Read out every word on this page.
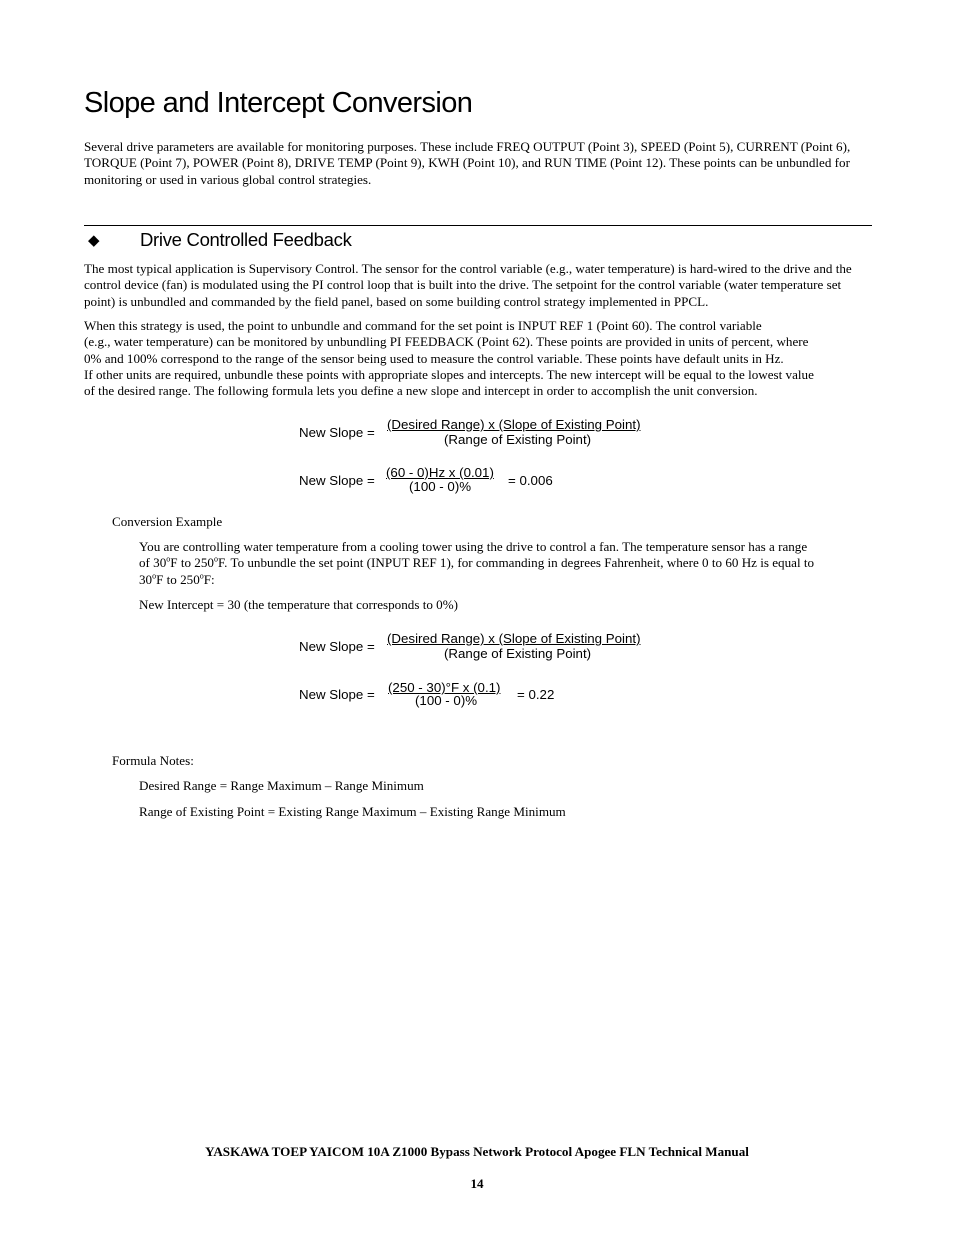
Slope and Intercept Conversion
Several drive parameters are available for monitoring purposes. These include FREQ OUTPUT (Point 3), SPEED (Point 5), CURRENT (Point 6), TORQUE (Point 7), POWER (Point 8), DRIVE TEMP (Point 9), KWH (Point 10), and RUN TIME (Point 12). These points can be unbundled for monitoring or used in various global control strategies.
◆ Drive Controlled Feedback
The most typical application is Supervisory Control. The sensor for the control variable (e.g., water temperature) is hard-wired to the drive and the control device (fan) is modulated using the PI control loop that is built into the drive. The setpoint for the control variable (water temperature set point) is unbundled and commanded by the field panel, based on some building control strategy implemented in PPCL.
When this strategy is used, the point to unbundle and command for the set point is INPUT REF 1 (Point 60). The control variable
(e.g., water temperature) can be monitored by unbundling PI FEEDBACK (Point 62). These points are provided in units of percent, where
0% and 100% correspond to the range of the sensor being used to measure the control variable. These points have default units in Hz.
If other units are required, unbundle these points with appropriate slopes and intercepts. The new intercept will be equal to the lowest value
of the desired range. The following formula lets you define a new slope and intercept in order to accomplish the unit conversion.
New Slope =
(Desired Range) x (Slope of Existing Point)
(Range of Existing Point)
New Slope =
(60 - 0)Hz x (0.01)
(100 - 0)%	= 0.006
Conversion Example
You are controlling water temperature from a cooling tower using the drive to control a fan. The temperature sensor has a range
of 30$^o$F to 250$^o$F. To unbundle the set point (INPUT REF 1), for commanding in degrees Fahrenheit, where 0 to 60 Hz is equal to
30$^o$F to 250$^o$F:
New Intercept = 30 (the temperature that corresponds to 0%)
New Slope =
(Desired Range) x (Slope of Existing Point)
(Range of Existing Point)
New Slope = (250 - 30)°F x (0.1)
(100 - 0)%	= 0.22
Formula Notes:
Desired Range = Range Maximum – Range Minimum
Range of Existing Point = Existing Range Maximum – Existing Range Minimum
YASKAWA TOEP YAICOM 10A Z1000 Bypass Network Protocol Apogee FLN Technical Manual
14
